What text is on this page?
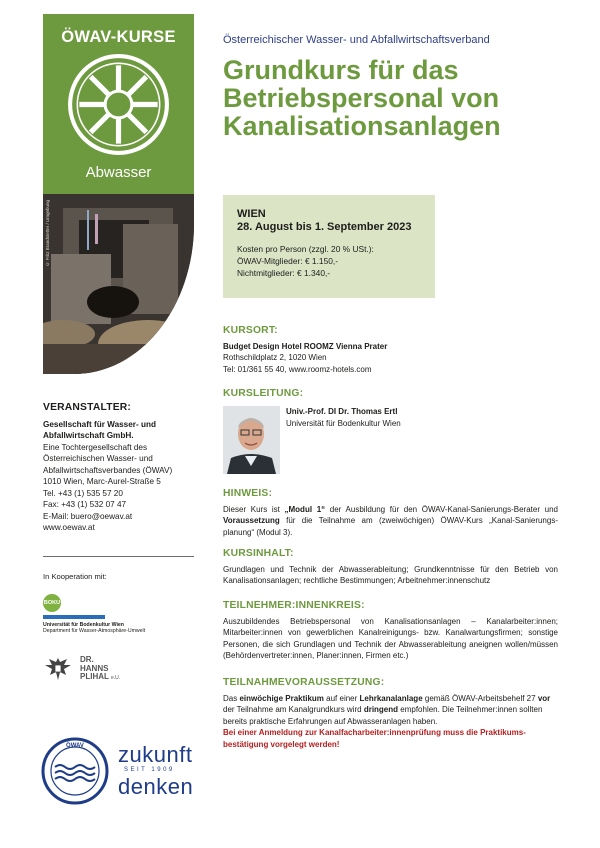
ÖWAV-KURSE
Abwasser
© Fritz Brandstetter / Umgebung
VERANSTALTER:
Gesellschaft für Wasser- und
Abfallwirtschaft GmbH.
Eine Tochtergesellschaft des
Österreichischen Wasser- und
Abfallwirtschaftsverbandes (ÖWAV)
1010 Wien, Marc-Aurel-Straße 5
Tel. +43 (1) 535 57 20
Fax: +43 (1) 532 07 47
E-Mail: buero@oewav.at
www.oewav.at
In Kooperation mit:
BOKU
Universität für Bodenkultur Wien
Department für Wasser-Atmosphäre-Umwelt
DR.
HANNS
PLIHAL e.U.
ÖWAV zukunft
SEIT 1909
denken
Österreichischer Wasser- und Abfallwirtschaftsverband
Grundkurs für das
Betriebspersonal von
Kanalisationsanlagen
WIEN
28. August bis 1. September 2023
Kosten pro Person (zzgl. 20 % USt.):
ÖWAV-Mitglieder: € 1.150,-
Nichtmitglieder: € 1.340,-
KURSORT:
Budget Design Hotel ROOMZ Vienna Prater
Rothschildplatz 2, 1020 Wien
Tel: 01/361 55 40, www.roomz-hotels.com
KURSLEITUNG:
Univ.-Prof. DI Dr. Thomas Ertl
Universität für Bodenkultur Wien
HINWEIS:
Dieser Kurs ist „Modul 1“ der Ausbildung für den ÖWAV-Kanal-Sanierungs-Berater und Voraussetzung für die Teilnahme am (zweiwöchigen) ÖWAV-Kurs „Kanal-Sanierungs-planung“ (Modul 3).
KURSINHALT:
Grundlagen und Technik der Abwasserableitung; Grundkenntnisse für den Betrieb von Kanalisationsanlagen; rechtliche Bestimmungen; Arbeitnehmer:innenschutz
TEILNEHMER:INNENKREIS:
Auszubildendes Betriebspersonal von Kanalisationsanlagen – Kanalarbeiter:innen; Mitarbeiter:innen von gewerblichen Kanalreinigungs- bzw. Kanalwartungsfirmen; sonstige Personen, die sich Grundlagen und Technik der Abwasserableitung aneignen wollen/müssen (Behördenvertreter:innen, Planer:innen, Firmen etc.)
TEILNAHMEVORAUSSETZUNG:
Das einwöchige Praktikum auf einer Lehrkanalanlage gemäß ÖWAV-Arbeitsbehelf 27 vor der Teilnahme am Kanalgrundkurs wird dringend empfohlen. Die Teilnehmer:innen sollten bereits praktische Erfahrungen auf Abwasseranlagen haben.
Bei einer Anmeldung zur Kanalfacharbeiter:innenprüfung muss die Praktikums-bestätigung vorgelegt werden!
